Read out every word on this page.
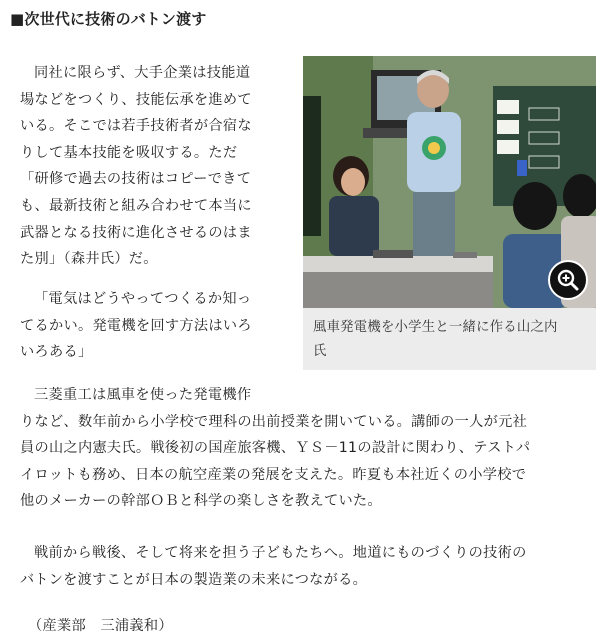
■次世代に技術のバトン渡す
同社に限らず、大手企業は技能道
場などをつくり、技能伝承を進めて
いる。そこでは若手技術者が合宿な
りして基本技能を吸収する。ただ
「研修で過去の技術はコピーできて
も、最新技術と組み合わせて本当に
武器となる技術に進化させるのはま
た別」（森井氏）だ。
「電気はどうやってつくるか知っ
てるかい。発電機を回す方法はいろ
いろある」
三菱重工は風車を使った発電機作
りなど、数年前から小学校で理科の出前授業を開いている。講師の一人が元社
員の山之内憲夫氏。戦後初の国産旅客機、ＹＳ－11の設計に関わり、テストパ
イロットも務め、日本の航空産業の発展を支えた。昨夏も本社近くの小学校で
他のメーカーの幹部ＯＢと科学の楽しさを教えていた。
戦前から戦後、そして将来を担う子どもたちへ。地道にものづくりの技術の
バトンを渡すことが日本の製造業の未来につながる。
（産業部　三浦義和）
風車発電機を小学生と一緒に作る山之内
氏
